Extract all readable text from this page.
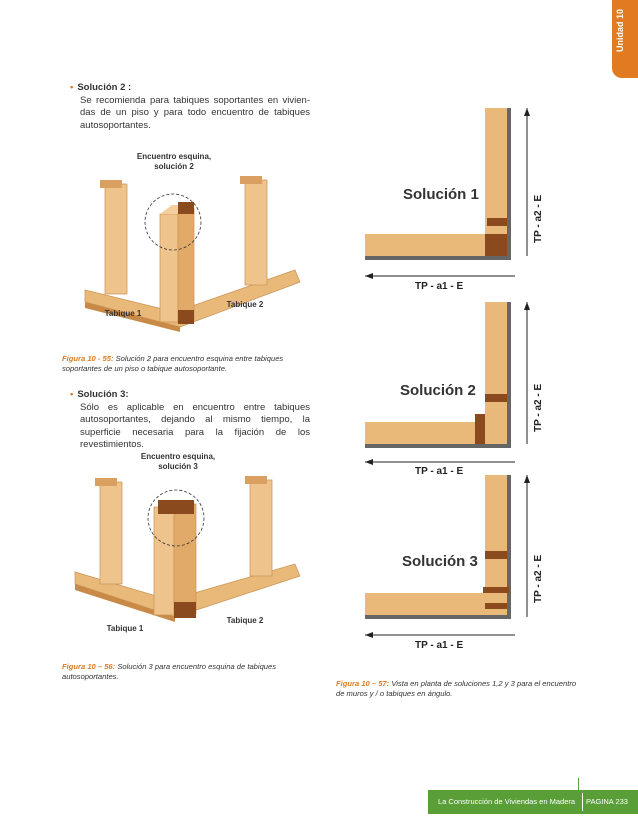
Unidad 10
• Solución 2 :
Se recomienda para tabiques soportantes en vivien-das de un piso y para todo encuentro de tabiques autosoportantes.
Encuentro esquina, solución 2
Tabique 1
Tabique 2
Figura 10 - 55: Solución 2 para encuentro esquina entre tabiques soportantes de un piso o tabique autosoportante.
• Solución 3:
Sólo es aplicable en encuentro entre tabiques autosoportantes, dejando al mismo tiempo, la superficie necesaria para la fijación de los revestimientos.
Encuentro esquina, solución 3
Tabique 1
Tabique 2
Figura 10 – 56: Solución 3 para encuentro esquina de tabiques autosoportantes.
Solución 1
TP - a1 - E
TP - a2 - E
Solución 2
TP - a1 - E
TP - a2 - E
Solución 3
TP - a1 - E
TP - a2 - E
Figura 10 – 57: Vista en planta de soluciones 1,2 y 3 para el encuentro de muros y / o tabiques en ángulo.
La Construcción de Viviendas en Madera PAGINA 233
